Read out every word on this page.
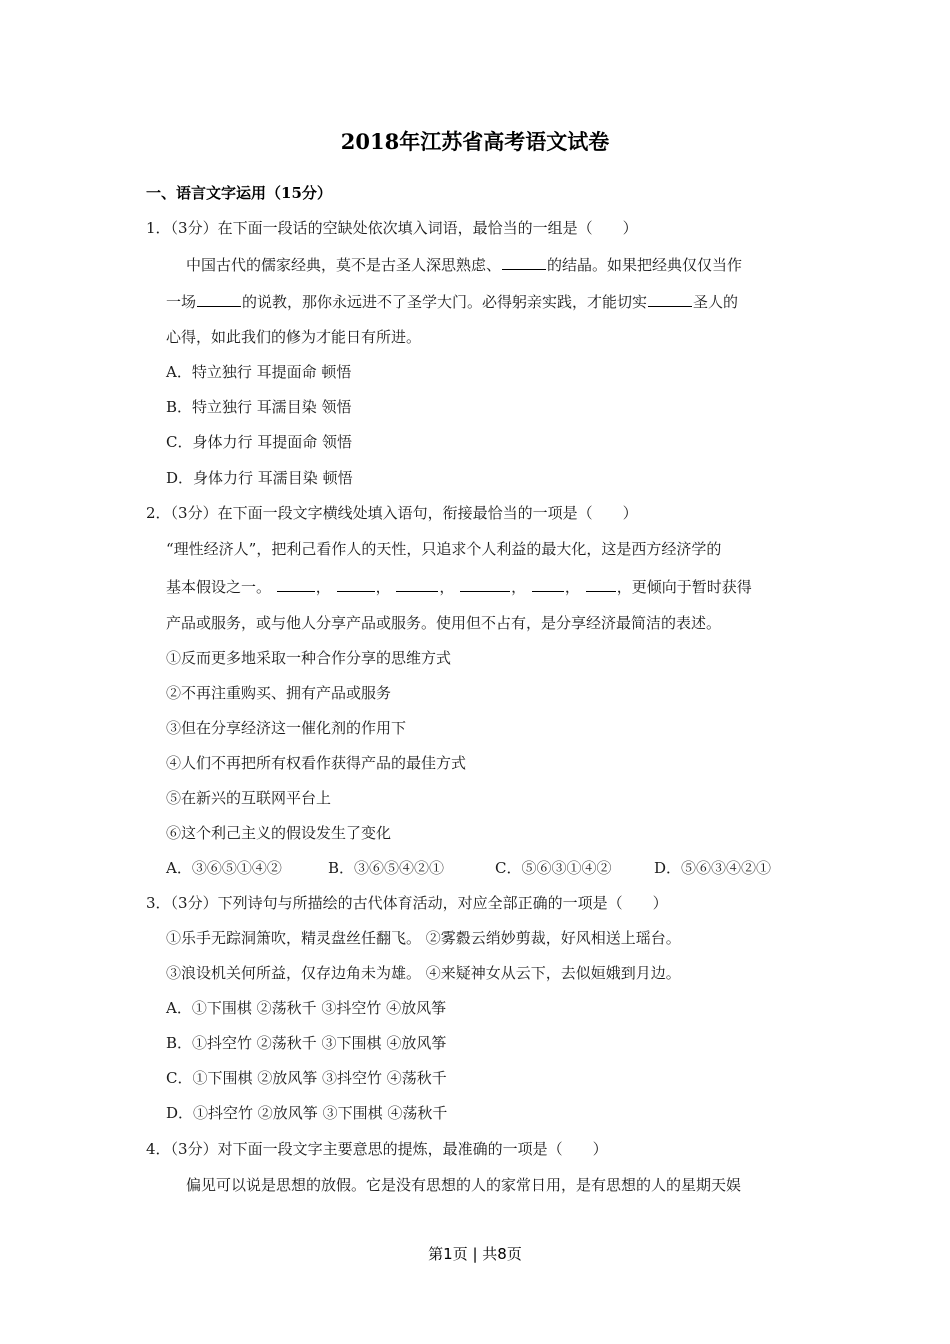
2018年江苏省高考语文试卷
一、语言文字运用（15分）
1．（3分）在下面一段话的空缺处依次填入词语，最恰当的一组是（　　）
中国古代的儒家经典，莫不是古圣人深思熟虑、	的结晶。如果把经典仅仅当作
一场	的说教，那你永远进不了圣学大门。必得躬亲实践，才能切实	圣人的
心得，如此我们的修为才能日有所进。
A．特立独行 耳提面命 顿悟
B．特立独行 耳濡目染 领悟
C．身体力行 耳提面命 领悟
D．身体力行 耳濡目染 顿悟
2．（3分）在下面一段文字横线处填入语句，衔接最恰当的一项是（　　）
“理性经济人”，把利己看作人的天性，只追求个人利益的最大化，这是西方经济学的
基本假设之一。	，	，	，	， ， ，更倾向于暂时获得
产品或服务，或与他人分享产品或服务。使用但不占有，是分享经济最简洁的表述。
①反而更多地采取一种合作分享的思维方式
②不再注重购买、拥有产品或服务
③但在分享经济这一催化剂的作用下
④人们不再把所有权看作获得产品的最佳方式
⑤在新兴的互联网平台上
⑥这个利己主义的假设发生了变化
A．③⑥⑤①④②	B．③⑥⑤④②①	C．⑤⑥③①④②	D．⑤⑥③④②①
3．（3分）下列诗句与所描绘的古代体育活动，对应全部正确的一项是（　　）
①乐手无踪洞箫吹，精灵盘丝任翻飞。 ②雾縠云绡妙剪裁，好风相送上瑶台。
③浪设机关何所益，仅存边角未为雄。 ④来疑神女从云下，去似姮娥到月边。
A．①下围棋 ②荡秋千 ③抖空竹 ④放风筝
B．①抖空竹 ②荡秋千 ③下围棋 ④放风筝
C．①下围棋 ②放风筝 ③抖空竹 ④荡秋千
D．①抖空竹 ②放风筝 ③下围棋 ④荡秋千
4．（3分）对下面一段文字主要意思的提炼，最准确的一项是（　　）
偏见可以说是思想的放假。它是没有思想的人的家常日用，是有思想的人的星期天娱
第1页 | 共8页
